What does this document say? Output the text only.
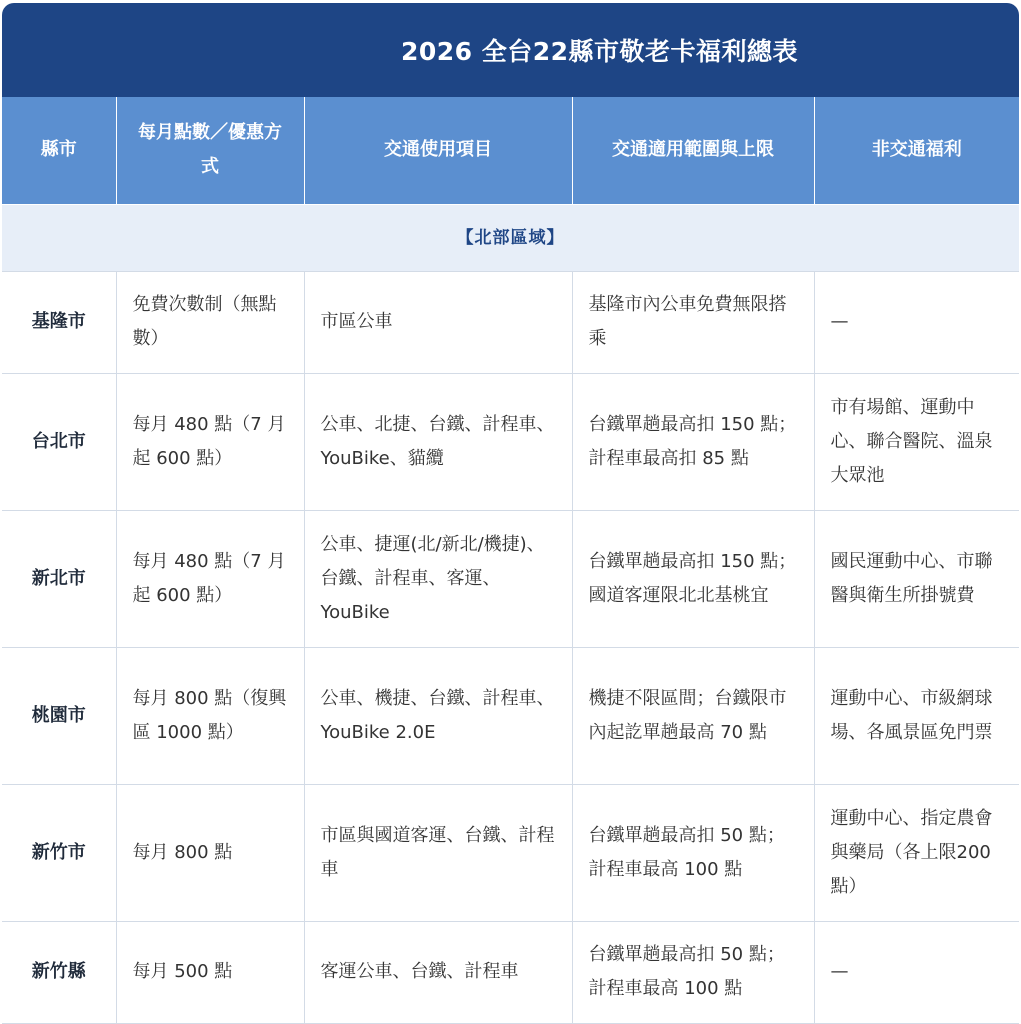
2026 全台22縣市敬老卡福利總表
縣市	每月點數／優惠方式	交通使用項目	交通適用範圍與上限	非交通福利
【北部區域】				
基隆市	免費次數制（無點數）	市區公車	基隆市內公車免費無限搭乘	—
台北市	每月 480 點（7 月起 600 點）	公車、北捷、台鐵、計程車、YouBike、貓纜	台鐵單趟最高扣 150 點；計程車最高扣 85 點	市有場館、運動中心、聯合醫院、溫泉大眾池
新北市	每月 480 點（7 月起 600 點）	公車、捷運(北/新北/機捷)、台鐵、計程車、客運、YouBike	台鐵單趟最高扣 150 點；國道客運限北北基桃宜	國民運動中心、市聯醫與衛生所掛號費
桃園市	每月 800 點（復興區 1000 點）	公車、機捷、台鐵、計程車、YouBike 2.0E	機捷不限區間；台鐵限市內起訖單趟最高 70 點	運動中心、市級網球場、各風景區免門票
新竹市	每月 800 點	市區與國道客運、台鐵、計程車	台鐵單趟最高扣 50 點；計程車最高 100 點	運動中心、指定農會與藥局（各上限200點）
新竹縣	每月 500 點	客運公車、台鐵、計程車	台鐵單趟最高扣 50 點；計程車最高 100 點	—
